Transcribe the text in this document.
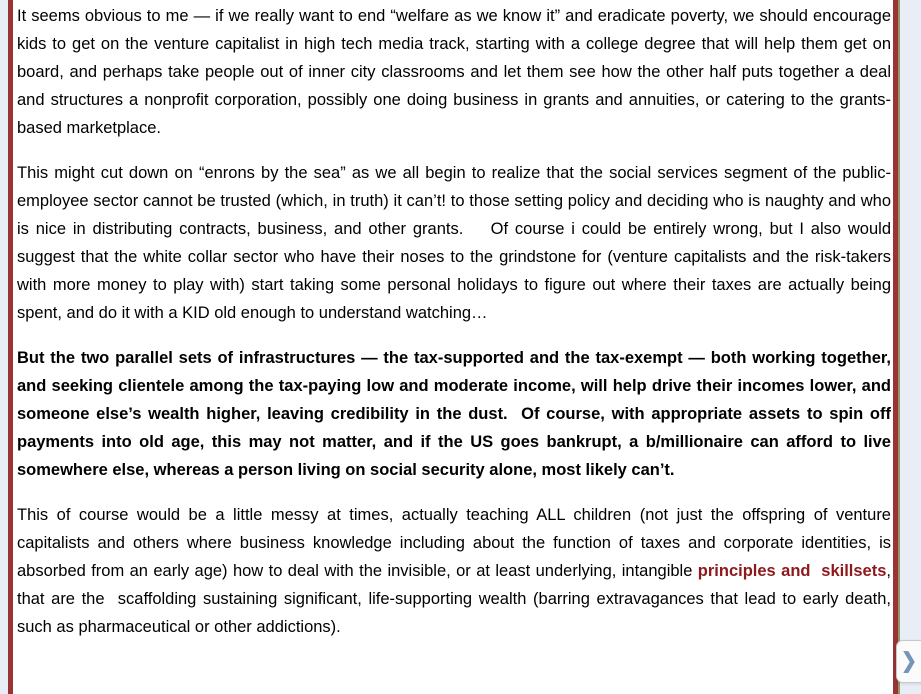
It seems obvious to me — if we really want to end “welfare as we know it” and eradicate poverty, we should encourage kids to get on the venture capitalist in high tech media track, starting with a college degree that will help them get on board, and perhaps take people out of inner city classrooms and let them see how the other half puts together a deal and structures a nonprofit corporation, possibly one doing business in grants and annuities, or catering to the grants-based marketplace.

This might cut down on “enrons by the sea” as we all begin to realize that the social services segment of the public-employee sector cannot be trusted (which, in truth) it can’t! to those setting policy and deciding who is naughty and who is nice in distributing contracts, business, and other grants.    Of course i could be entirely wrong, but I also would suggest that the white collar sector who have their noses to the grindstone for (venture capitalists and the risk-takers with more money to play with) start taking some personal holidays to figure out where their taxes are actually being spent, and do it with a KID old enough to understand watching…

But the two parallel sets of infrastructures — the tax-supported and the tax-exempt — both working together, and seeking clientele among the tax-paying low and moderate income, will help drive their incomes lower, and someone else’s wealth higher, leaving credibility in the dust.  Of course, with appropriate assets to spin off payments into old age, this may not matter, and if the US goes bankrupt, a b/millionaire can afford to live somewhere else, whereas a person living on social security alone, most likely can’t.

This of course would be a little messy at times, actually teaching ALL children (not just the offspring of venture capitalists and others where business knowledge including about the function of taxes and corporate identities, is absorbed from an early age) how to deal with the invisible, or at least underlying, intangible principles and  skillsets, that are the  scaffolding sustaining significant, life-supporting wealth (barring extravagances that lead to early death, such as pharmaceutical or other addictions).

❯
